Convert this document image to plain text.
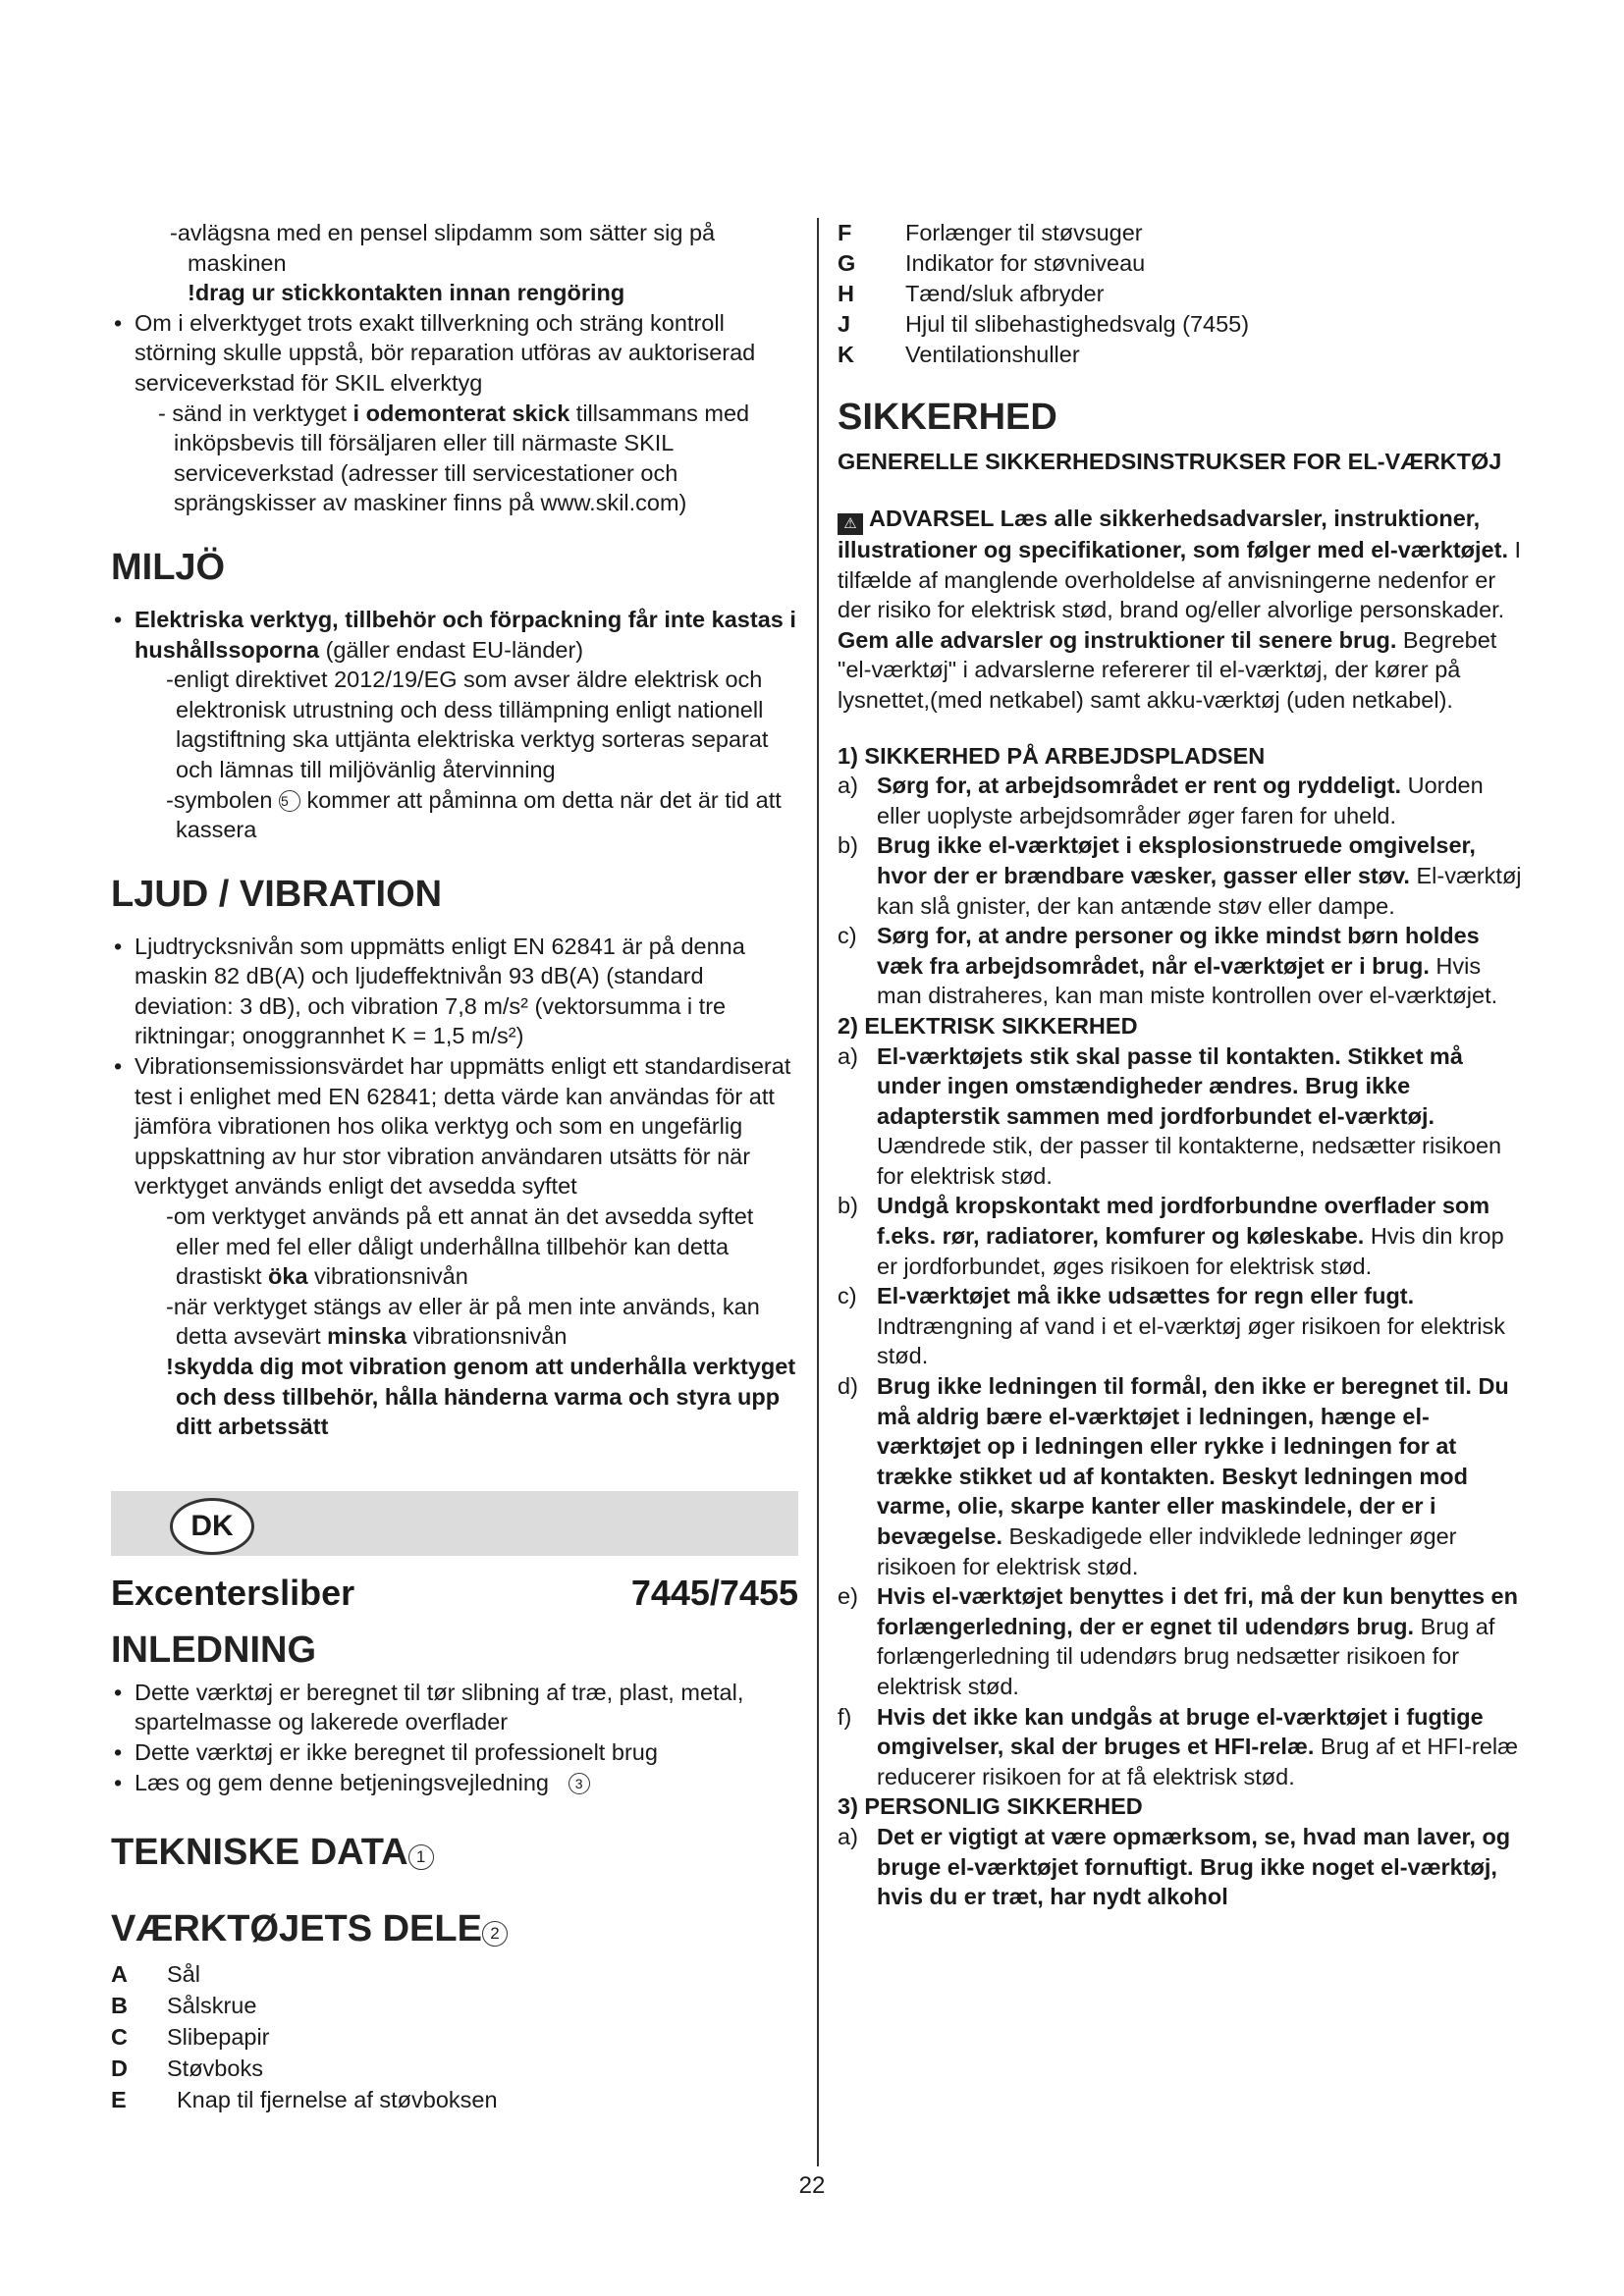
-avlägsna med en pensel slipdamm som sätter sig på
maskinen
!drag ur stickkontakten innan rengöring
• Om i elverktyget trots exakt tillverkning och sträng kontroll störning skulle uppstå, bör reparation utföras av auktoriserad serviceverkstad för SKIL elverktyg
- sänd in verktyget i odemonterat skick tillsammans med inköpsbevis till försäljaren eller till närmaste SKIL serviceverkstad (adresser till servicestationer och sprängskisser av maskiner finns på www.skil.com)
MILJÖ
• Elektriska verktyg, tillbehör och förpackning får inte kastas i hushållssoporna (gäller endast EU-länder)
-enligt direktivet 2012/19/EG som avser äldre elektrisk och elektronisk utrustning och dess tillämpning enligt nationell lagstiftning ska uttjänta elektriska verktyg sorteras separat och lämnas till miljövänlig återvinning
-symbolen 5 kommer att påminna om detta när det är tid att kassera
LJUD / VIBRATION
• Ljudtrycksnivån som uppmätts enligt EN 62841 är på denna maskin 82 dB(A) och ljudeffektnivån 93 dB(A) (standard deviation: 3 dB), och vibration 7,8 m/s² (vektorsumma i tre riktningar; onoggrannhet K = 1,5 m/s²)
• Vibrationsemissionsvärdet har uppmätts enligt ett standardiserat test i enlighet med EN 62841; detta värde kan användas för att jämföra vibrationen hos olika verktyg och som en ungefärlig uppskattning av hur stor vibration användaren utsätts för när verktyget används enligt det avsedda syftet
-om verktyget används på ett annat än det avsedda syftet eller med fel eller dåligt underhållna tillbehör kan detta drastiskt öka vibrationsnivån
-när verktyget stängs av eller är på men inte används, kan detta avsevärt minska vibrationsnivån
!skydda dig mot vibration genom att underhålla verktyget och dess tillbehör, hålla händerna varma och styra upp ditt arbetssätt
DK
Excentersliber	7445/7455
INLEDNING
• Dette værktøj er beregnet til tør slibning af træ, plast, metal, spartelmasse og lakerede overflader
• Dette værktøj er ikke beregnet til professionelt brug
• Læs og gem denne betjeningsvejledning 3
TEKNISKE DATA 1
VÆRKTØJETS DELE 2
A	Sål
B	Sålskrue
C	Slibepapir
D	Støvboks
E	Knap til fjernelse af støvboksen
F	Forlænger til støvsuger
G	Indikator for støvniveau
H	Tænd/sluk afbryder
J	Hjul til slibehastighedsvalg (7455)
K	Ventilationshuller
SIKKERHED
GENERELLE SIKKERHEDSINSTRUKSER FOR EL-VÆRKTØJ
⚠ ADVARSEL Læs alle sikkerhedsadvarsler, instruktioner, illustrationer og specifikationer, som følger med el-værktøjet. I tilfælde af manglende overholdelse af anvisningerne nedenfor er der risiko for elektrisk stød, brand og/eller alvorlige personskader. Gem alle advarsler og instruktioner til senere brug. Begrebet "el-værktøj" i advarslerne refererer til el-værktøj, der kører på lysnettet,(med netkabel) samt akku-værktøj (uden netkabel).
1) SIKKERHED PÅ ARBEJDSPLADSEN
a) Sørg for, at arbejdsområdet er rent og ryddeligt. Uorden eller uoplyste arbejdsområder øger faren for uheld.
b) Brug ikke el-værktøjet i eksplosionstruede omgivelser, hvor der er brændbare væsker, gasser eller støv. El-værktøj kan slå gnister, der kan antænde støv eller dampe.
c) Sørg for, at andre personer og ikke mindst børn holdes væk fra arbejdsområdet, når el-værktøjet er i brug. Hvis man distraheres, kan man miste kontrollen over el-værktøjet.
2) ELEKTRISK SIKKERHED
a) El-værktøjets stik skal passe til kontakten. Stikket må under ingen omstændigheder ændres. Brug ikke adapterstik sammen med jordforbundet el-værktøj. Uændrede stik, der passer til kontakterne, nedsætter risikoen for elektrisk stød.
b) Undgå kropskontakt med jordforbundne overflader som f.eks. rør, radiatorer, komfurer og køleskabe. Hvis din krop er jordforbundet, øges risikoen for elektrisk stød.
c) El-værktøjet må ikke udsættes for regn eller fugt. Indtrængning af vand i et el-værktøj øger risikoen for elektrisk stød.
d) Brug ikke ledningen til formål, den ikke er beregnet til. Du må aldrig bære el-værktøjet i ledningen, hænge el-værktøjet op i ledningen eller rykke i ledningen for at trække stikket ud af kontakten. Beskyt ledningen mod varme, olie, skarpe kanter eller maskindele, der er i bevægelse. Beskadigede eller indviklede ledninger øger risikoen for elektrisk stød.
e) Hvis el-værktøjet benyttes i det fri, må der kun benyttes en forlængerledning, der er egnet til udendørs brug. Brug af forlængerledning til udendørs brug nedsætter risikoen for elektrisk stød.
f) Hvis det ikke kan undgås at bruge el-værktøjet i fugtige omgivelser, skal der bruges et HFI-relæ. Brug af et HFI-relæ reducerer risikoen for at få elektrisk stød.
3) PERSONLIG SIKKERHED
a) Det er vigtigt at være opmærksom, se, hvad man laver, og bruge el-værktøjet fornuftigt. Brug ikke noget el-værktøj, hvis du er træt, har nydt alkohol
22
